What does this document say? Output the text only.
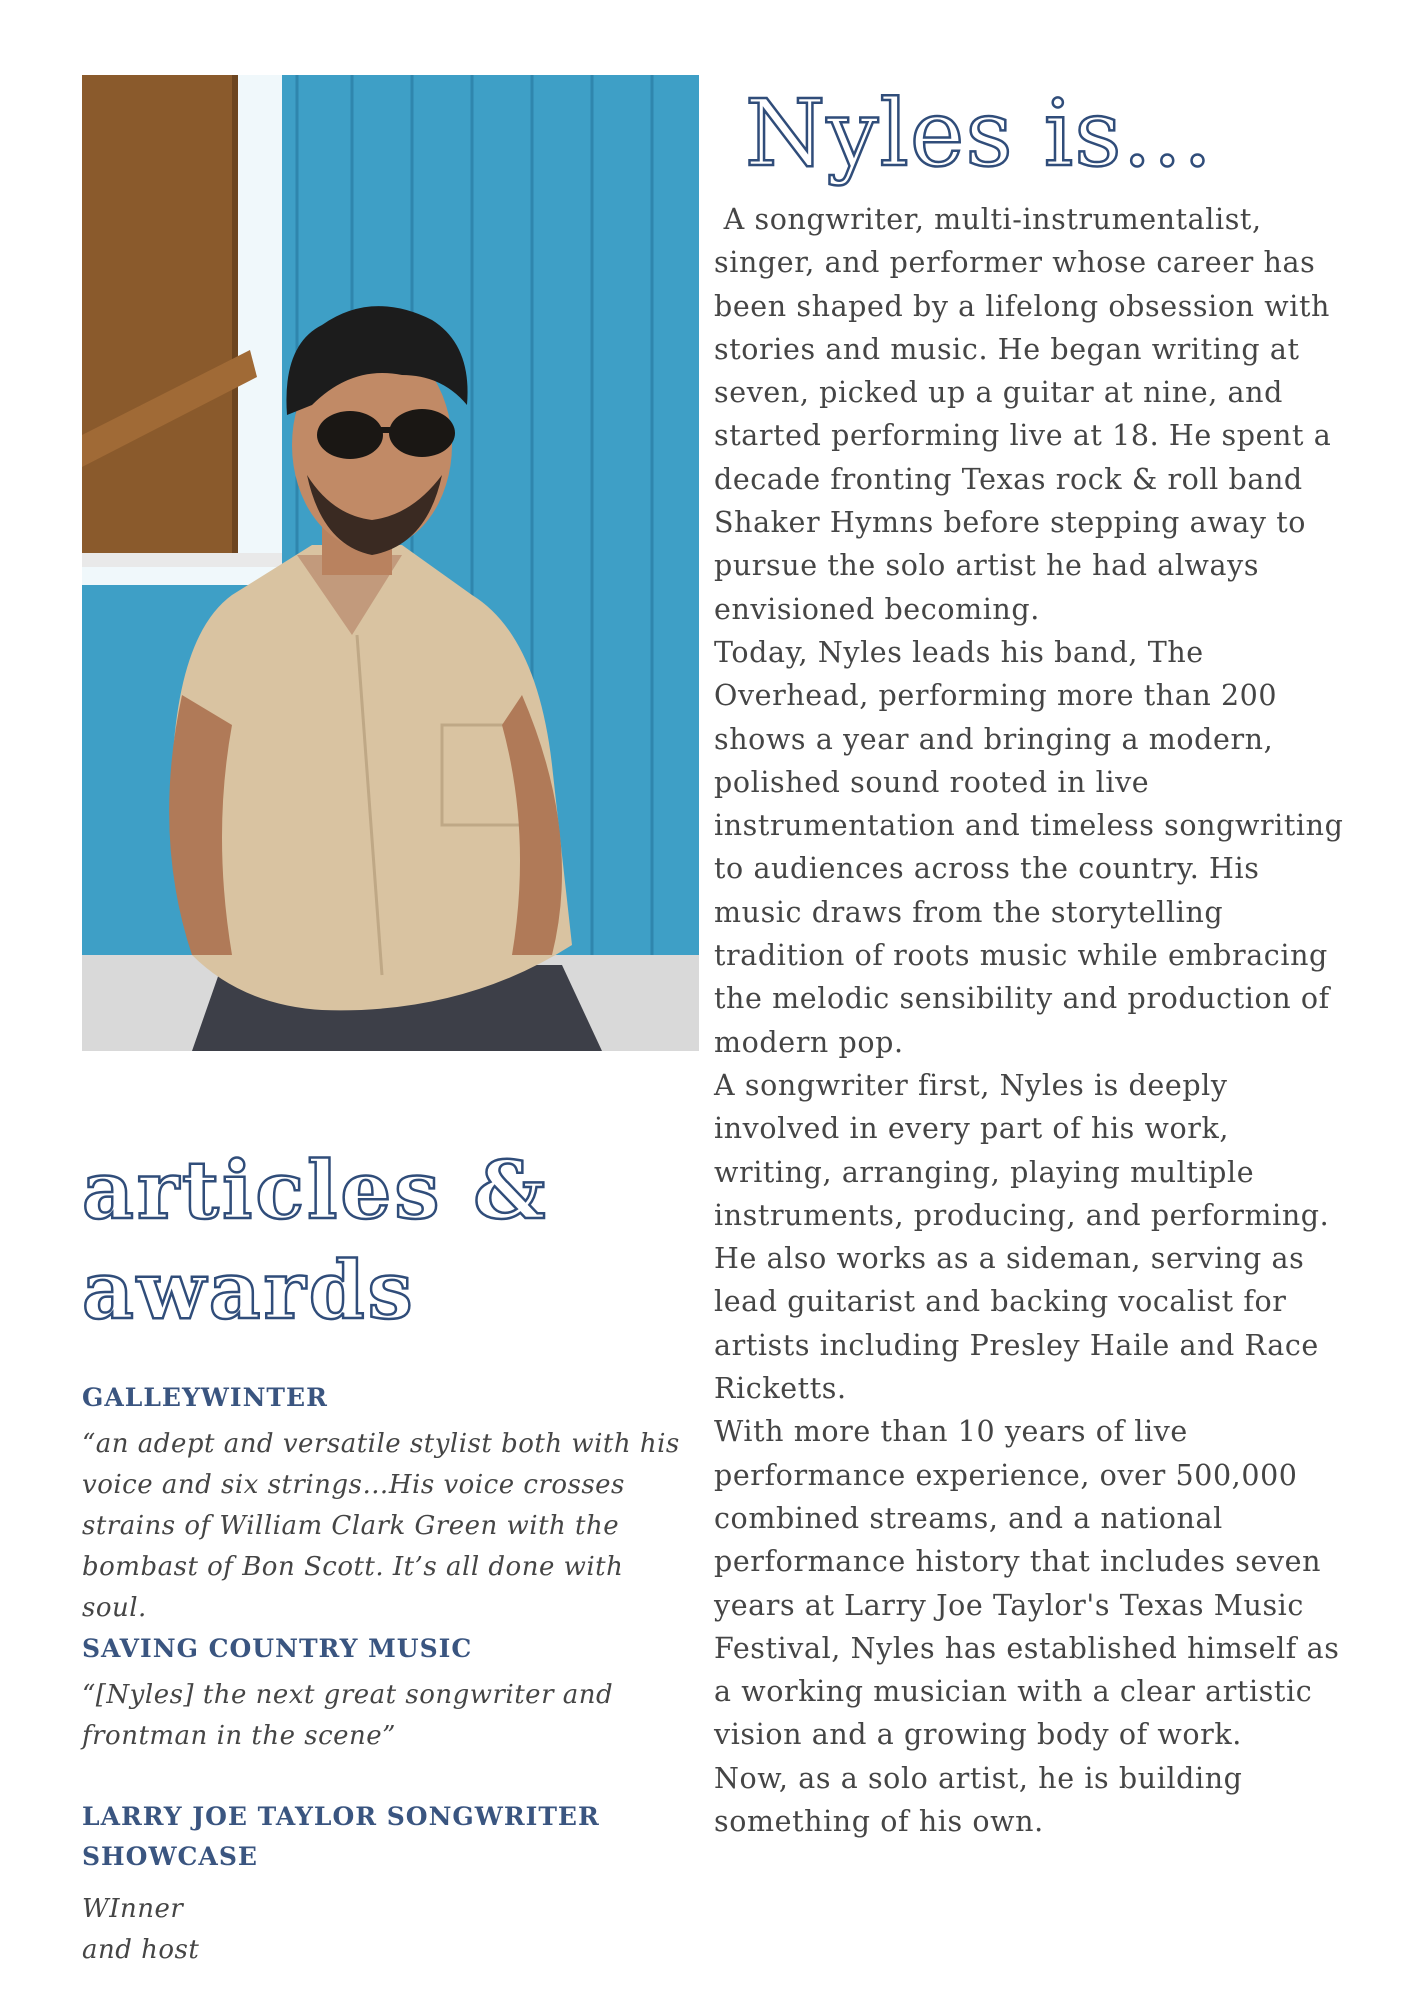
Nyles is...

A songwriter, multi-instrumentalist, singer, and performer whose career has been shaped by a lifelong obsession with stories and music. He began writing at seven, picked up a guitar at nine, and started performing live at 18. He spent a decade fronting Texas rock & roll band Shaker Hymns before stepping away to pursue the solo artist he had always envisioned becoming.

Today, Nyles leads his band, The Overhead, performing more than 200 shows a year and bringing a modern, polished sound rooted in live instrumentation and timeless songwriting to audiences across the country. His music draws from the storytelling tradition of roots music while embracing the melodic sensibility and production of modern pop.

A songwriter first, Nyles is deeply involved in every part of his work, writing, arranging, playing multiple instruments, producing, and performing. He also works as a sideman, serving as lead guitarist and backing vocalist for artists including Presley Haile and Race Ricketts.

With more than 10 years of live performance experience, over 500,000 combined streams, and a national performance history that includes seven years at Larry Joe Taylor's Texas Music Festival, Nyles has established himself as a working musician with a clear artistic vision and a growing body of work.

Now, as a solo artist, he is building something of his own.

articles &
awards

GALLEYWINTER

“an adept and versatile stylist both with his voice and six strings…His voice crosses strains of William Clark Green with the bombast of Bon Scott. It’s all done with soul.

SAVING COUNTRY MUSIC

“[Nyles] the next great songwriter and frontman in the scene”

LARRY JOE TAYLOR SONGWRITER
SHOWCASE

WInner
and host
